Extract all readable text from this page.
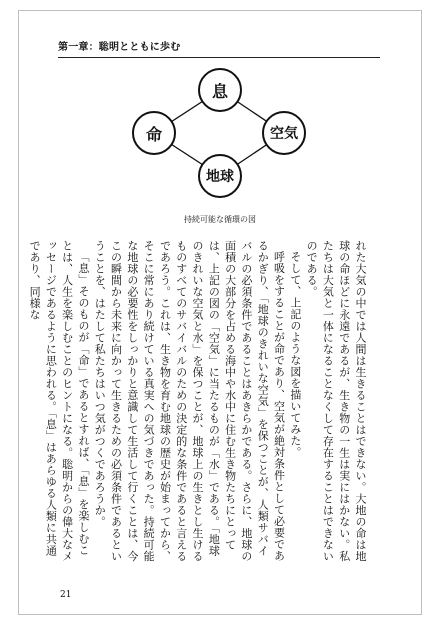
第一章：聡明とともに歩む
息
命	空気
地球
持続可能な循環の図

れた大気の中では人間は生きることはできない。大地の命は地球の命ほどに永遠であるが、生き物の一生は実にはかない。私たちは大気と一体になることなくして存在することはできないのである。

そして、上記のような図を描いてみた。

呼吸をすることが命であり、空気が絶対条件として必要であるかぎり、「地球のきれいな空気」を保つことが、人類サバイバルの必須条件であることはあきらかである。さらに、地球の面積の大部分を占める海中や水中に住む生き物たちにとっては、上記の図の「空気」に当たるものが「水」である。「地球のきれいな空気と水」を保つことが、地球上の生きとし生けるものすべてのサバイバルのための決定的な条件であると言えるであろう。これは、生き物を育む地球の歴史が始まってから、そこに常にあり続けている真実への気づきであった。持続可能な地球の必要性をしっかりと意識して生活して行くことは、今この瞬間から未来に向かって生きるための必須条件であるということを、はたして私たちはいつ気がつくであろうか。

「息」そのものが「命」であるとすれば、「息」を楽しむことは、人生を楽しむことのヒントになる。聡明からの偉大なメッセージであるように思われる。「息」はあらゆる人類に共通であり、同様な

21
